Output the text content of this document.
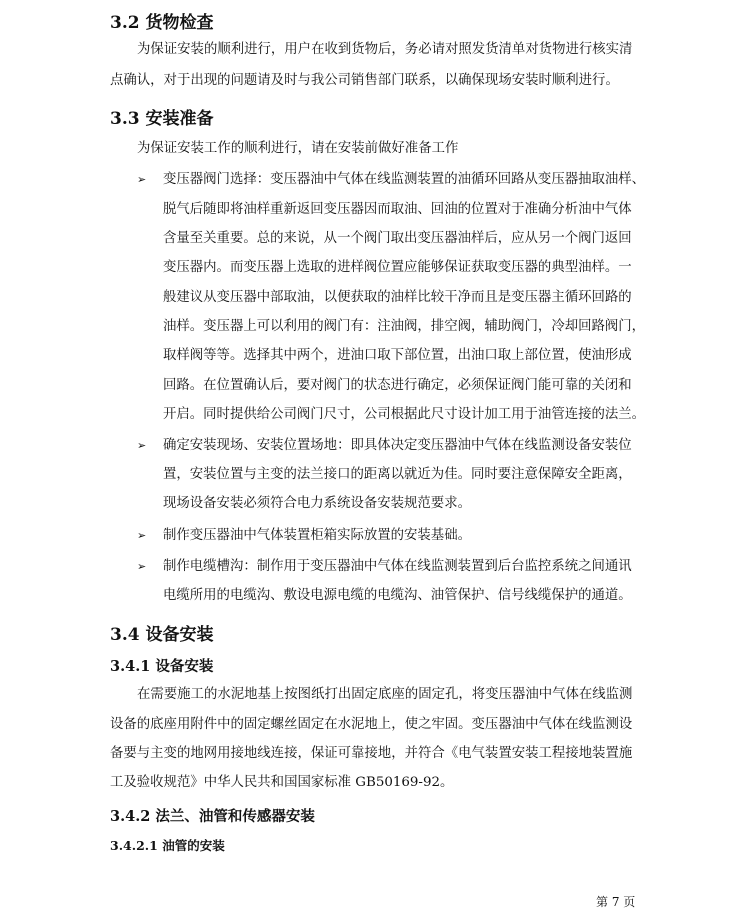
3.2 货物检查
为保证安装的顺利进行，用户在收到货物后，务必请对照发货清单对货物进行核实清
点确认，对于出现的问题请及时与我公司销售部门联系，以确保现场安装时顺利进行。
3.3 安装准备
为保证安装工作的顺利进行，请在安装前做好准备工作
➢ 变压器阀门选择：变压器油中气体在线监测装置的油循环回路从变压器抽取油样、
脱气后随即将油样重新返回变压器因而取油、回油的位置对于准确分析油中气体
含量至关重要。总的来说，从一个阀门取出变压器油样后，应从另一个阀门返回
变压器内。而变压器上选取的进样阀位置应能够保证获取变压器的典型油样。一
般建议从变压器中部取油，以便获取的油样比较干净而且是变压器主循环回路的
油样。变压器上可以利用的阀门有：注油阀，排空阀，辅助阀门，冷却回路阀门，
取样阀等等。选择其中两个，进油口取下部位置，出油口取上部位置，使油形成
回路。在位置确认后，要对阀门的状态进行确定，必须保证阀门能可靠的关闭和
开启。同时提供给公司阀门尺寸，公司根据此尺寸设计加工用于油管连接的法兰。
➢ 确定安装现场、安装位置场地：即具体决定变压器油中气体在线监测设备安装位
置，安装位置与主变的法兰接口的距离以就近为佳。同时要注意保障安全距离，
现场设备安装必须符合电力系统设备安装规范要求。
➢ 制作变压器油中气体装置柜箱实际放置的安装基础。
➢ 制作电缆槽沟：制作用于变压器油中气体在线监测装置到后台监控系统之间通讯
电缆所用的电缆沟、敷设电源电缆的电缆沟、油管保护、信号线缆保护的通道。
3.4 设备安装
3.4.1 设备安装
在需要施工的水泥地基上按图纸打出固定底座的固定孔，将变压器油中气体在线监测
设备的底座用附件中的固定螺丝固定在水泥地上，使之牢固。变压器油中气体在线监测设
备要与主变的地网用接地线连接，保证可靠接地，并符合《电气装置安装工程接地装置施
工及验收规范》中华人民共和国国家标准 GB50169-92。
3.4.2 法兰、油管和传感器安装
3.4.2.1 油管的安装
第 7 页
